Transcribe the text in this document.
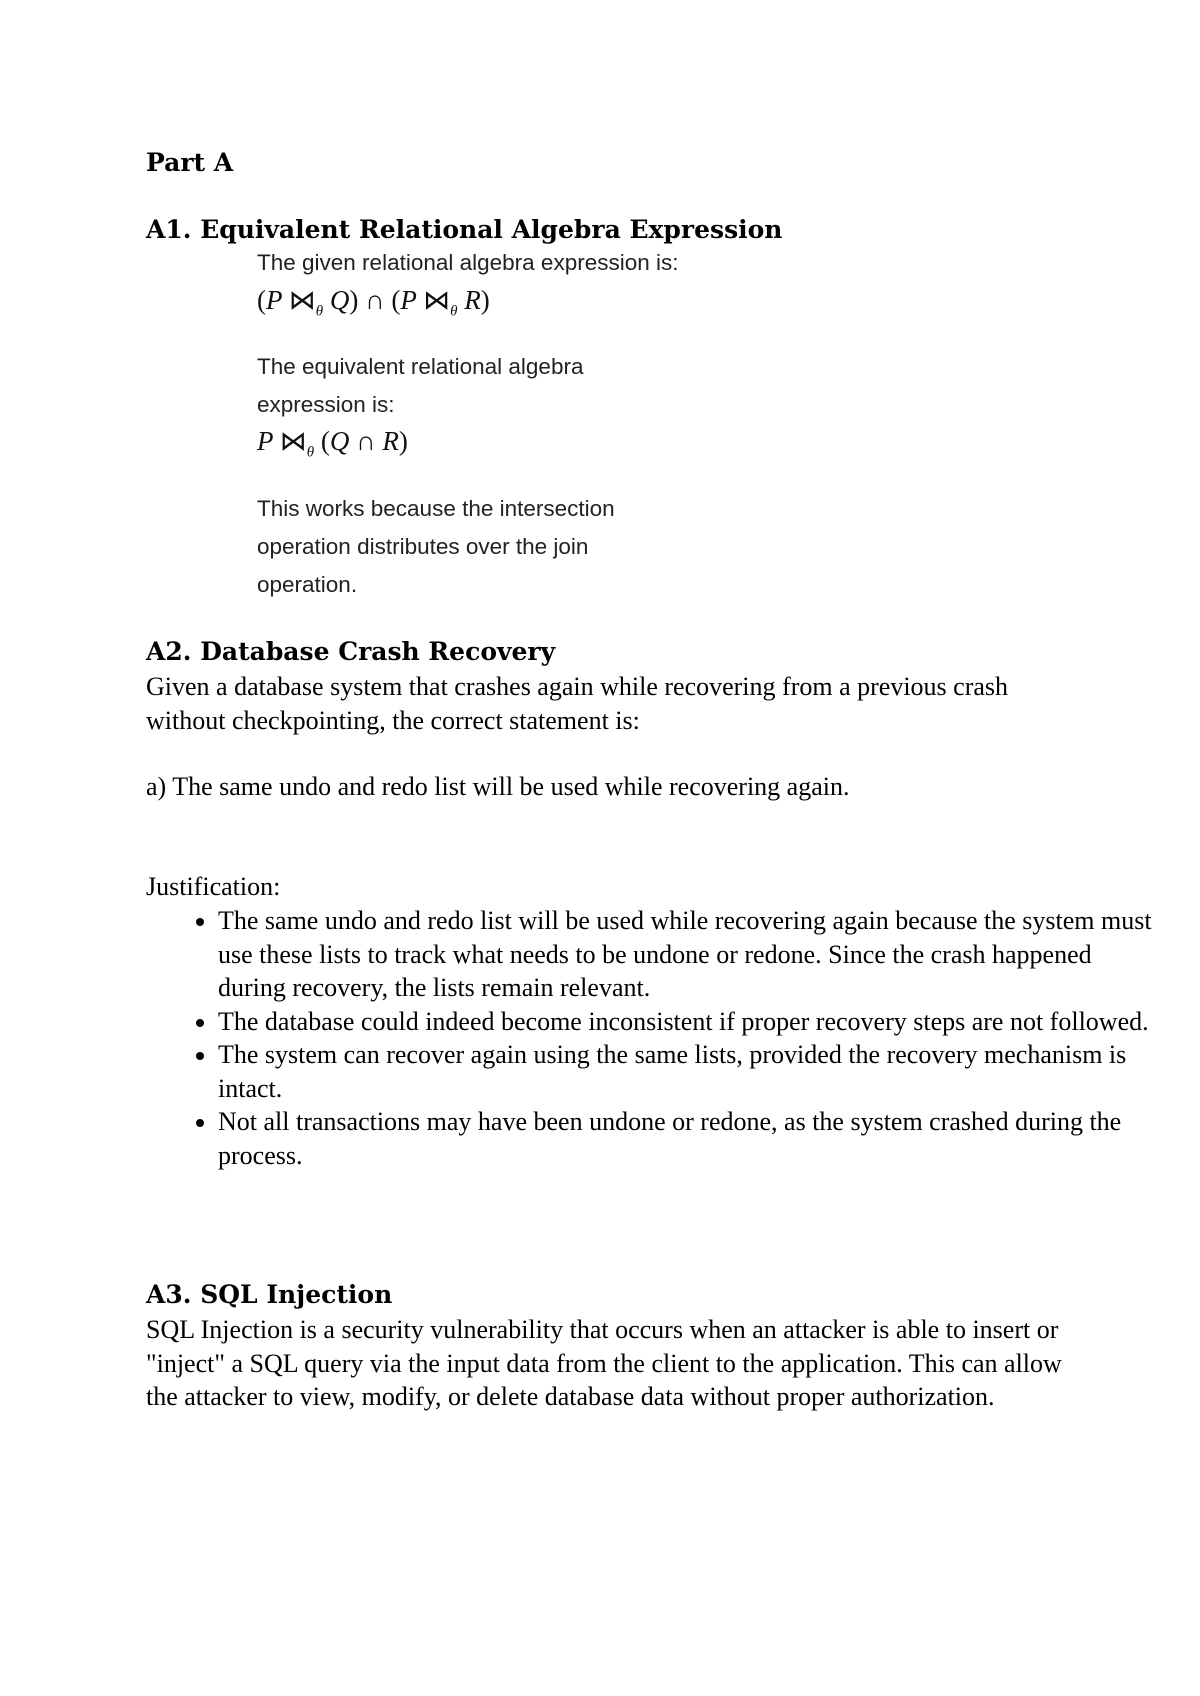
Part A
A1. Equivalent Relational Algebra Expression
The given relational algebra expression is:
(P $⋈_\theta$ Q) ∩ (P $⋈_\theta$ R)
The equivalent relational algebra
expression is:
P $⋈_\theta$ (Q ∩ R)
This works because the intersection
operation distributes over the join
operation.
A2. Database Crash Recovery
Given a database system that crashes again while recovering from a previous crash without checkpointing, the correct statement is:
a) The same undo and redo list will be used while recovering again.
Justification:
• The same undo and redo list will be used while recovering again because the system must use these lists to track what needs to be undone or redone. Since the crash happened during recovery, the lists remain relevant.
• The database could indeed become inconsistent if proper recovery steps are not followed.
• The system can recover again using the same lists, provided the recovery mechanism is intact.
• Not all transactions may have been undone or redone, as the system crashed during the process.
A3. SQL Injection
SQL Injection is a security vulnerability that occurs when an attacker is able to insert or "inject" a SQL query via the input data from the client to the application. This can allow the attacker to view, modify, or delete database data without proper authorization.
